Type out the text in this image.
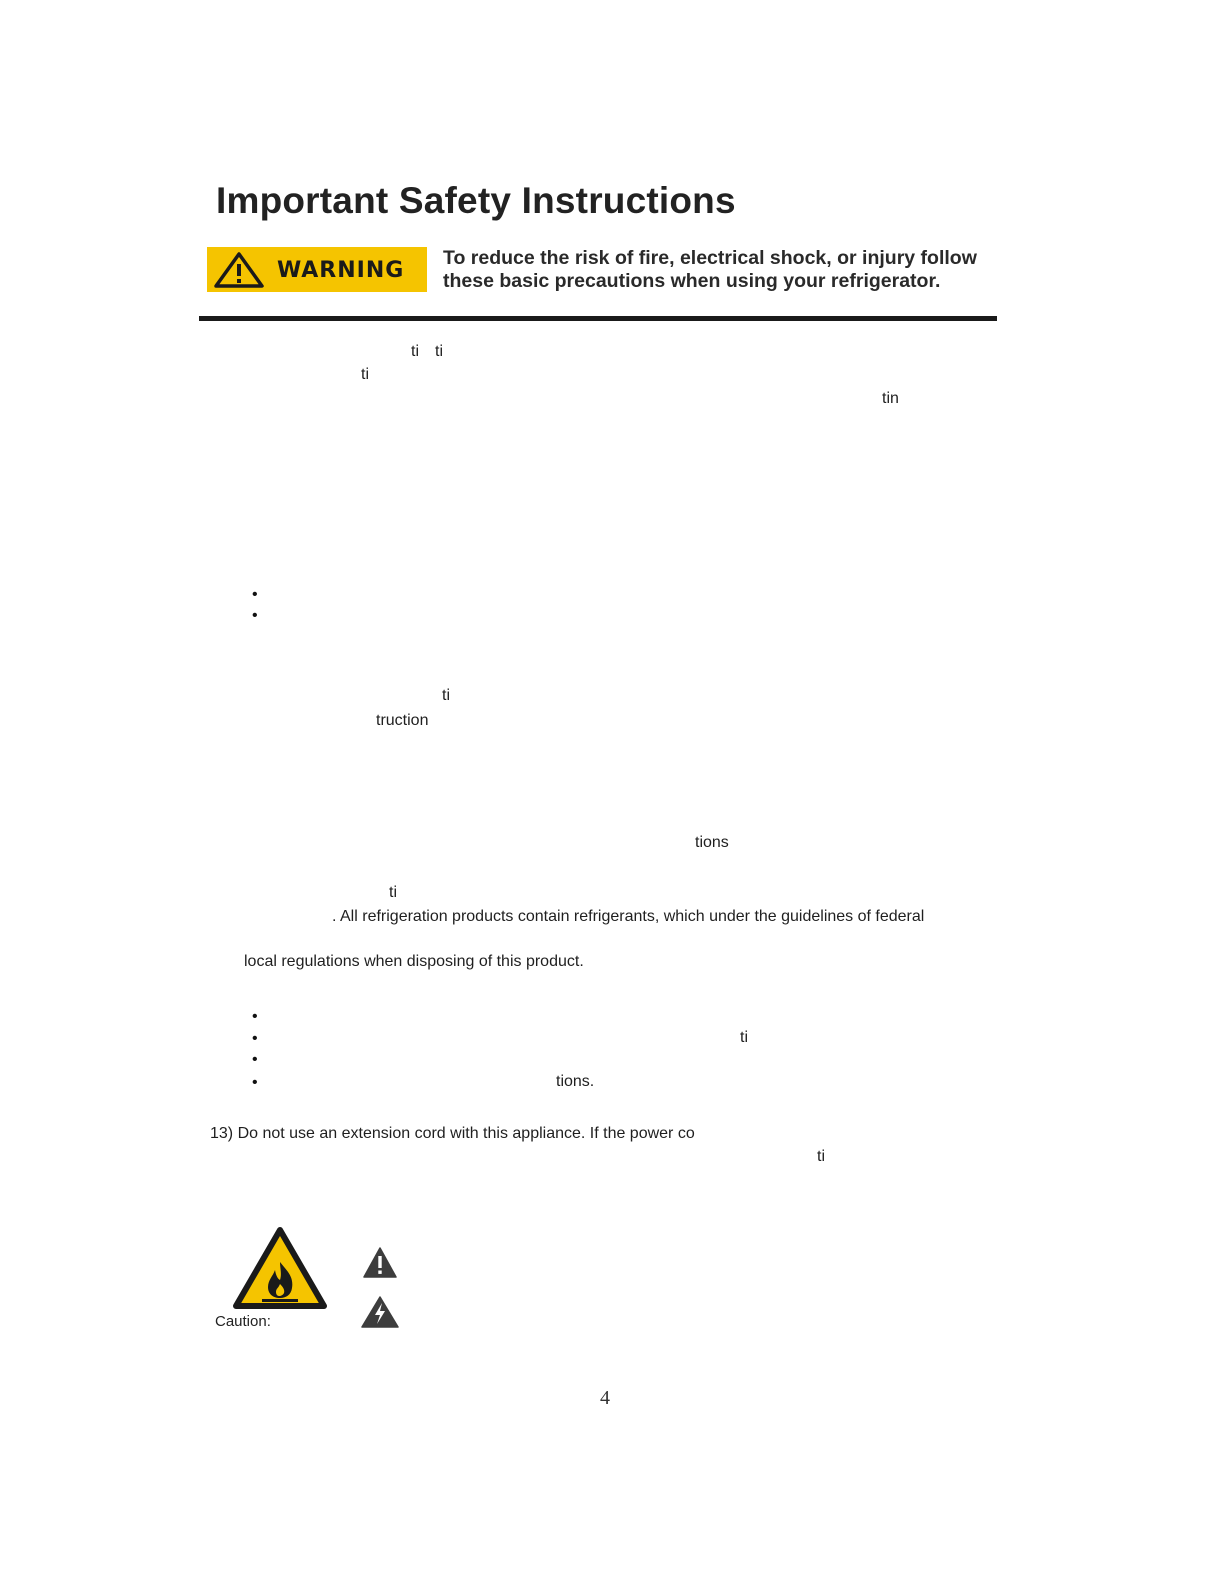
Important Safety Instructions
WARNING To reduce the risk of fire, electrical shock, or injury follow
these basic precautions when using your refrigerator.
ti ti
ti
tin
•
•
ti
truction
tions
ti
. All refrigeration products contain refrigerants, which under the guidelines of federal
local regulations when disposing of this product.
•
•	ti
•
•	tions.
13) Do not use an extension cord with this appliance. If the power co
ti
Caution:
4
